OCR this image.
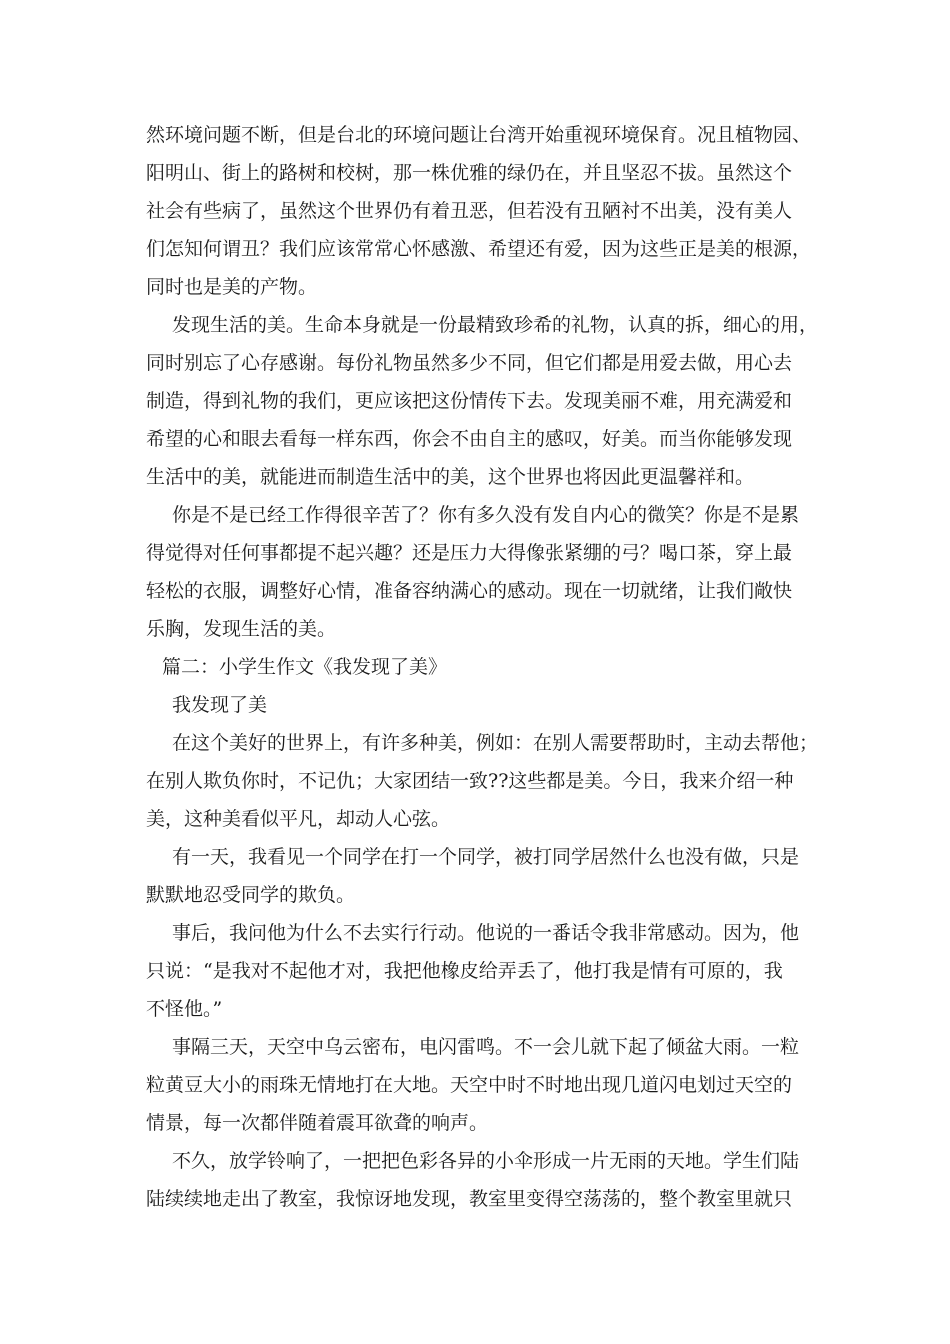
然环境问题不断，但是台北的环境问题让台湾开始重视环境保育。况且植物园、
阳明山、街上的路树和校树，那一株优雅的绿仍在，并且坚忍不拔。虽然这个
社会有些病了，虽然这个世界仍有着丑恶，但若没有丑陋衬不出美，没有美人
们怎知何谓丑？我们应该常常心怀感激、希望还有爱，因为这些正是美的根源，
同时也是美的产物。
发现生活的美。生命本身就是一份最精致珍希的礼物，认真的拆，细心的用，
同时别忘了心存感谢。每份礼物虽然多少不同，但它们都是用爱去做，用心去
制造，得到礼物的我们，更应该把这份情传下去。发现美丽不难，用充满爱和
希望的心和眼去看每一样东西，你会不由自主的感叹，好美。而当你能够发现
生活中的美，就能进而制造生活中的美，这个世界也将因此更温馨祥和。
你是不是已经工作得很辛苦了？你有多久没有发自内心的微笑？你是不是累
得觉得对任何事都提不起兴趣？还是压力大得像张紧绷的弓？喝口茶，穿上最
轻松的衣服，调整好心情，准备容纳满心的感动。现在一切就绪，让我们敞快
乐胸，发现生活的美。
篇二：小学生作文《我发现了美》
我发现了美
在这个美好的世界上，有许多种美，例如：在别人需要帮助时，主动去帮他；
在别人欺负你时，不记仇；大家团结一致??这些都是美。今日，我来介绍一种
美，这种美看似平凡，却动人心弦。
有一天，我看见一个同学在打一个同学，被打同学居然什么也没有做，只是
默默地忍受同学的欺负。
事后，我问他为什么不去实行行动。他说的一番话令我非常感动。因为，他
只说：“是我对不起他才对，我把他橡皮给弄丢了，他打我是情有可原的，我
不怪他。”
事隔三天，天空中乌云密布，电闪雷鸣。不一会儿就下起了倾盆大雨。一粒
粒黄豆大小的雨珠无情地打在大地。天空中时不时地出现几道闪电划过天空的
情景，每一次都伴随着震耳欲聋的响声。
不久，放学铃响了，一把把色彩各异的小伞形成一片无雨的天地。学生们陆
陆续续地走出了教室，我惊讶地发现，教室里变得空荡荡的，整个教室里就只
